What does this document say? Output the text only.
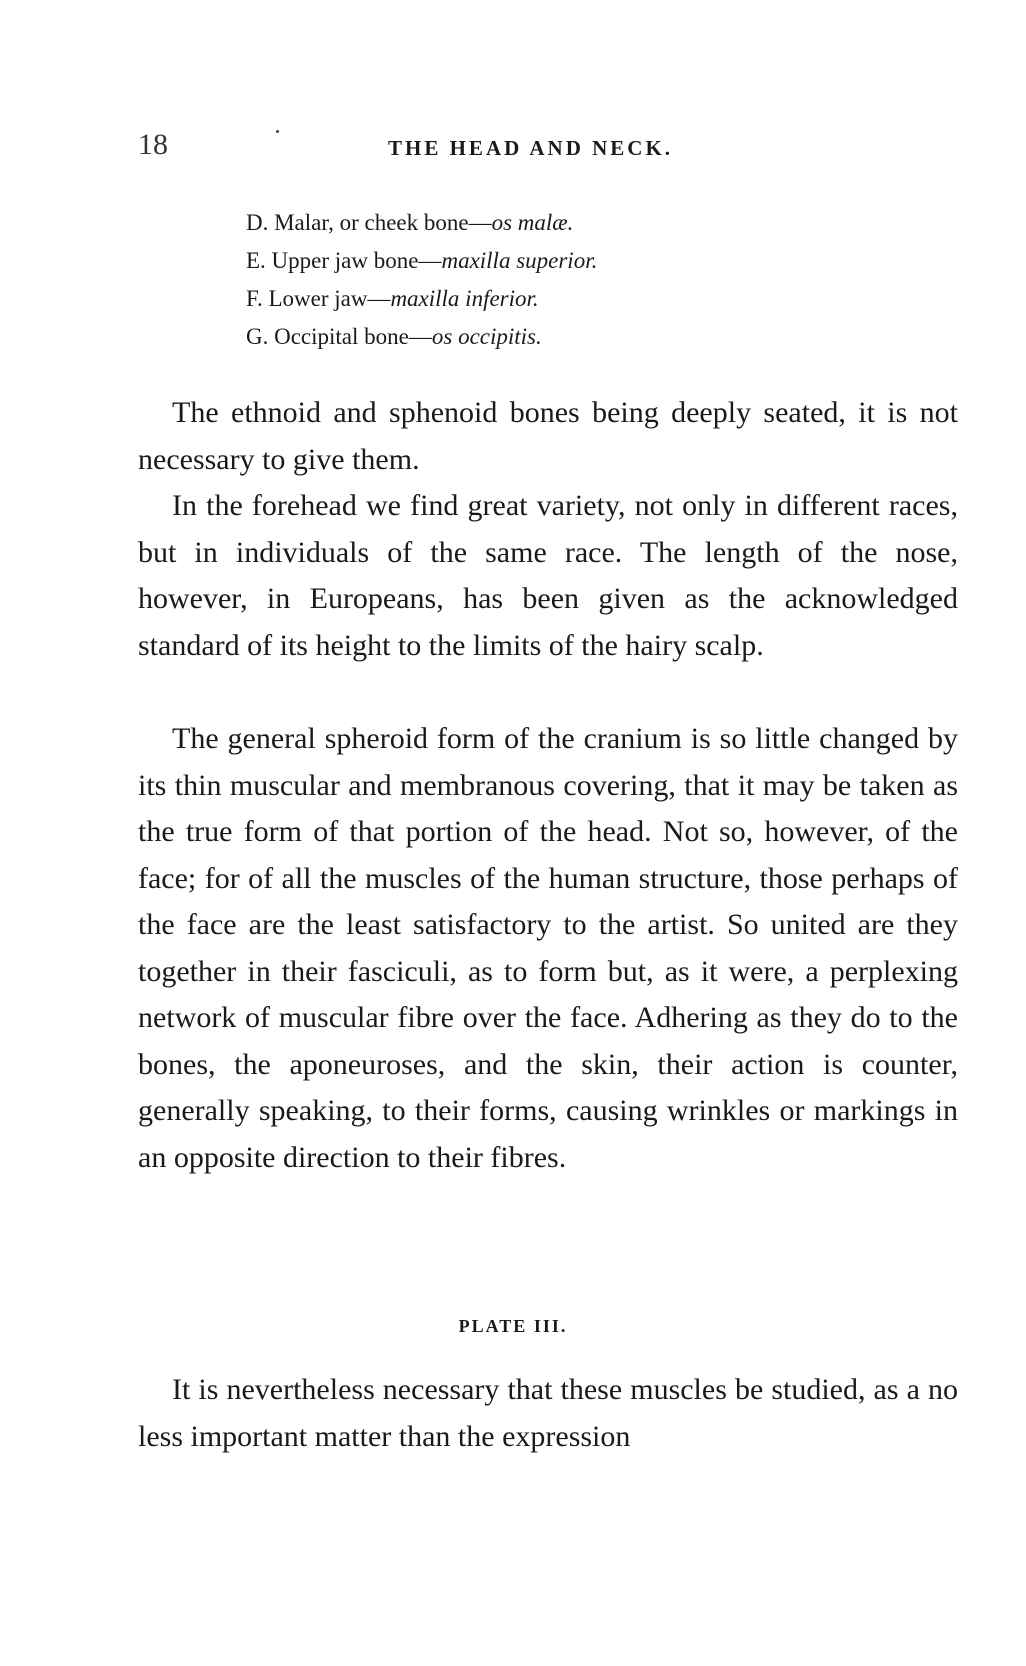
18	THE HEAD AND NECK.
D. Malar, or cheek bone—os malæ.
E. Upper jaw bone—maxilla superior.
F. Lower jaw—maxilla inferior.
G. Occipital bone—os occipitis.

The ethnoid and sphenoid bones being deeply seated, it is not necessary to give them.

In the forehead we find great variety, not only in different races, but in individuals of the same race. The length of the nose, however, in Europeans, has been given as the acknowledged standard of its height to the limits of the hairy scalp.

The general spheroid form of the cranium is so little changed by its thin muscular and membranous covering, that it may be taken as the true form of that portion of the head. Not so, however, of the face; for of all the muscles of the human structure, those perhaps of the face are the least satisfactory to the artist. So united are they together in their fasciculi, as to form but, as it were, a perplexing network of muscular fibre over the face. Adhering as they do to the bones, the aponeuroses, and the skin, their action is counter, generally speaking, to their forms, causing wrinkles or markings in an opposite direction to their fibres.

PLATE III.

It is nevertheless necessary that these muscles be studied, as a no less important matter than the expression
